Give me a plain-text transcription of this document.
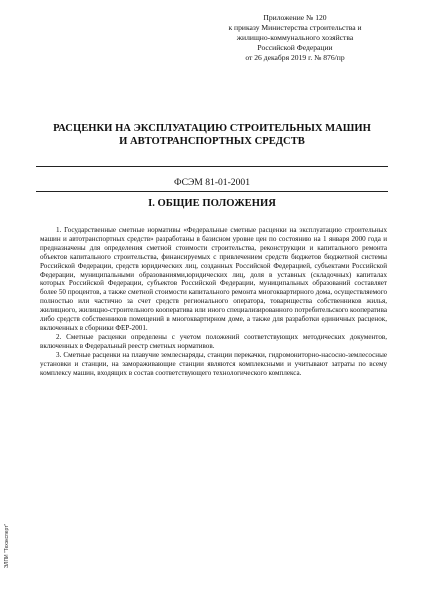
Приложение № 120
к приказу Министерства строительства и
жилищно-коммунального хозяйства
Российской Федерации
от 26 декабря 2019 г. № 876/пр
РАСЦЕНКИ НА ЭКСПЛУАТАЦИЮ СТРОИТЕЛЬНЫХ МАШИН
И АВТОТРАНСПОРТНЫХ СРЕДСТВ
ФСЭМ 81-01-2001
I. ОБЩИЕ ПОЛОЖЕНИЯ

1. Государственные сметные нормативы «Федеральные сметные расценки на эксплуатацию строительных машин и автотранспортных средств» разработаны в базисном уровне цен по состоянию на 1 января 2000 года и предназначены для определения сметной стоимости строительства, реконструкции и капитального ремонта объектов капитального строительства, финансируемых с привлечением средств бюджетов бюджетной системы Российской Федерации, средств юридических лиц, созданных Российской Федерацией, субъектами Российской Федерации, муниципальными образованиями,юридических лиц, доля в уставных (складочных) капиталах которых Российской Федерации, субъектов Российской Федерации, муниципальных образований составляет более 50 процентов, а также сметной стоимости капитального ремонта многоквартирного дома, осуществляемого полностью или частично за счет средств регионального оператора, товарищества собственников жилья, жилищного, жилищно-строительного кооператива или иного специализированного потребительского кооператива либо средств собственников помещений в многоквартирном доме, а также для разработки единичных расценок, включенных в сборники ФЕР-2001.

2. Сметные расценки определены с учетом положений соответствующих методических документов, включенных в Федеральный реестр сметных нормативов.

3. Сметные расценки на плавучие землеснаряды, станции перекачки, гидромониторно-насосно-землесосные установки и станции, на замораживающие станции являются комплексными и учитывают затраты по всему комплексу машин, входящих в состав соответствующего технологического комплекса.

ЭЛПИ "Техэксперт"
